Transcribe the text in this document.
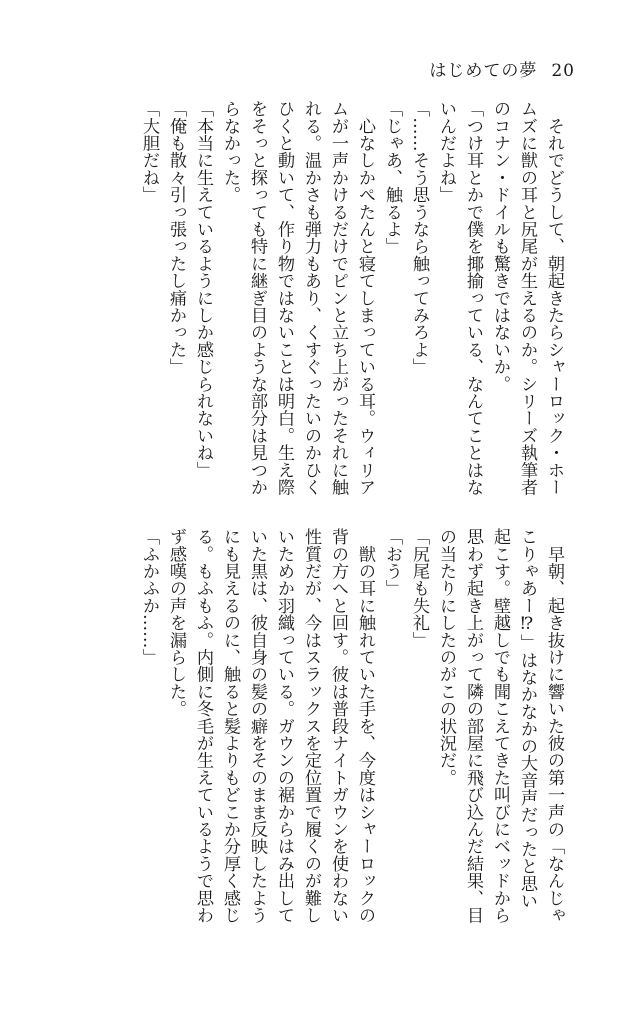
はじめての夢 20
　それでどうして、朝起きたらシャーロック・ホー
ムズに獣の耳と尻尾が生えるのか。シリーズ執筆者
のコナン・ドイルも驚きではないか。
「つけ耳とかで僕を揶揄っている、なんてことはな
いんだよね」
「……そう思うなら触ってみろよ」
「じゃあ、触るよ」
　心なしかぺたんと寝てしまっている耳。ウィリア
ムが一声かけるだけでピンと立ち上がったそれに触
れる。温かさも弾力もあり、くすぐったいのかひく
ひくと動いて、作り物ではないことは明白。生え際
をそっと探っても特に継ぎ目のような部分は見つか
らなかった。
「本当に生えているようにしか感じられないね」
「俺も散々引っ張ったし痛かった」
「大胆だね」
　早朝、起き抜けに響いた彼の第一声の「なんじゃ
こりゃあー⁉」はなかなかの大音声だったと思い
起こす。壁越しでも聞こえてきた叫びにベッドから
思わず起き上がって隣の部屋に飛び込んだ結果、目
の当たりにしたのがこの状況だ。
「尻尾も失礼」
「おう」
　獣の耳に触れていた手を、今度はシャーロックの
背の方へと回す。彼は普段ナイトガウンを使わない
性質だが、今はスラックスを定位置で履くのが難し
いためか羽織っている。ガウンの裾からはみ出して
いた黒は、彼自身の髪の癖をそのまま反映したよう
にも見えるのに、触ると髪よりもどこか分厚く感じ
る。もふもふ。内側に冬毛が生えているようで思わ
ず感嘆の声を漏らした。
「ふかふか……」
